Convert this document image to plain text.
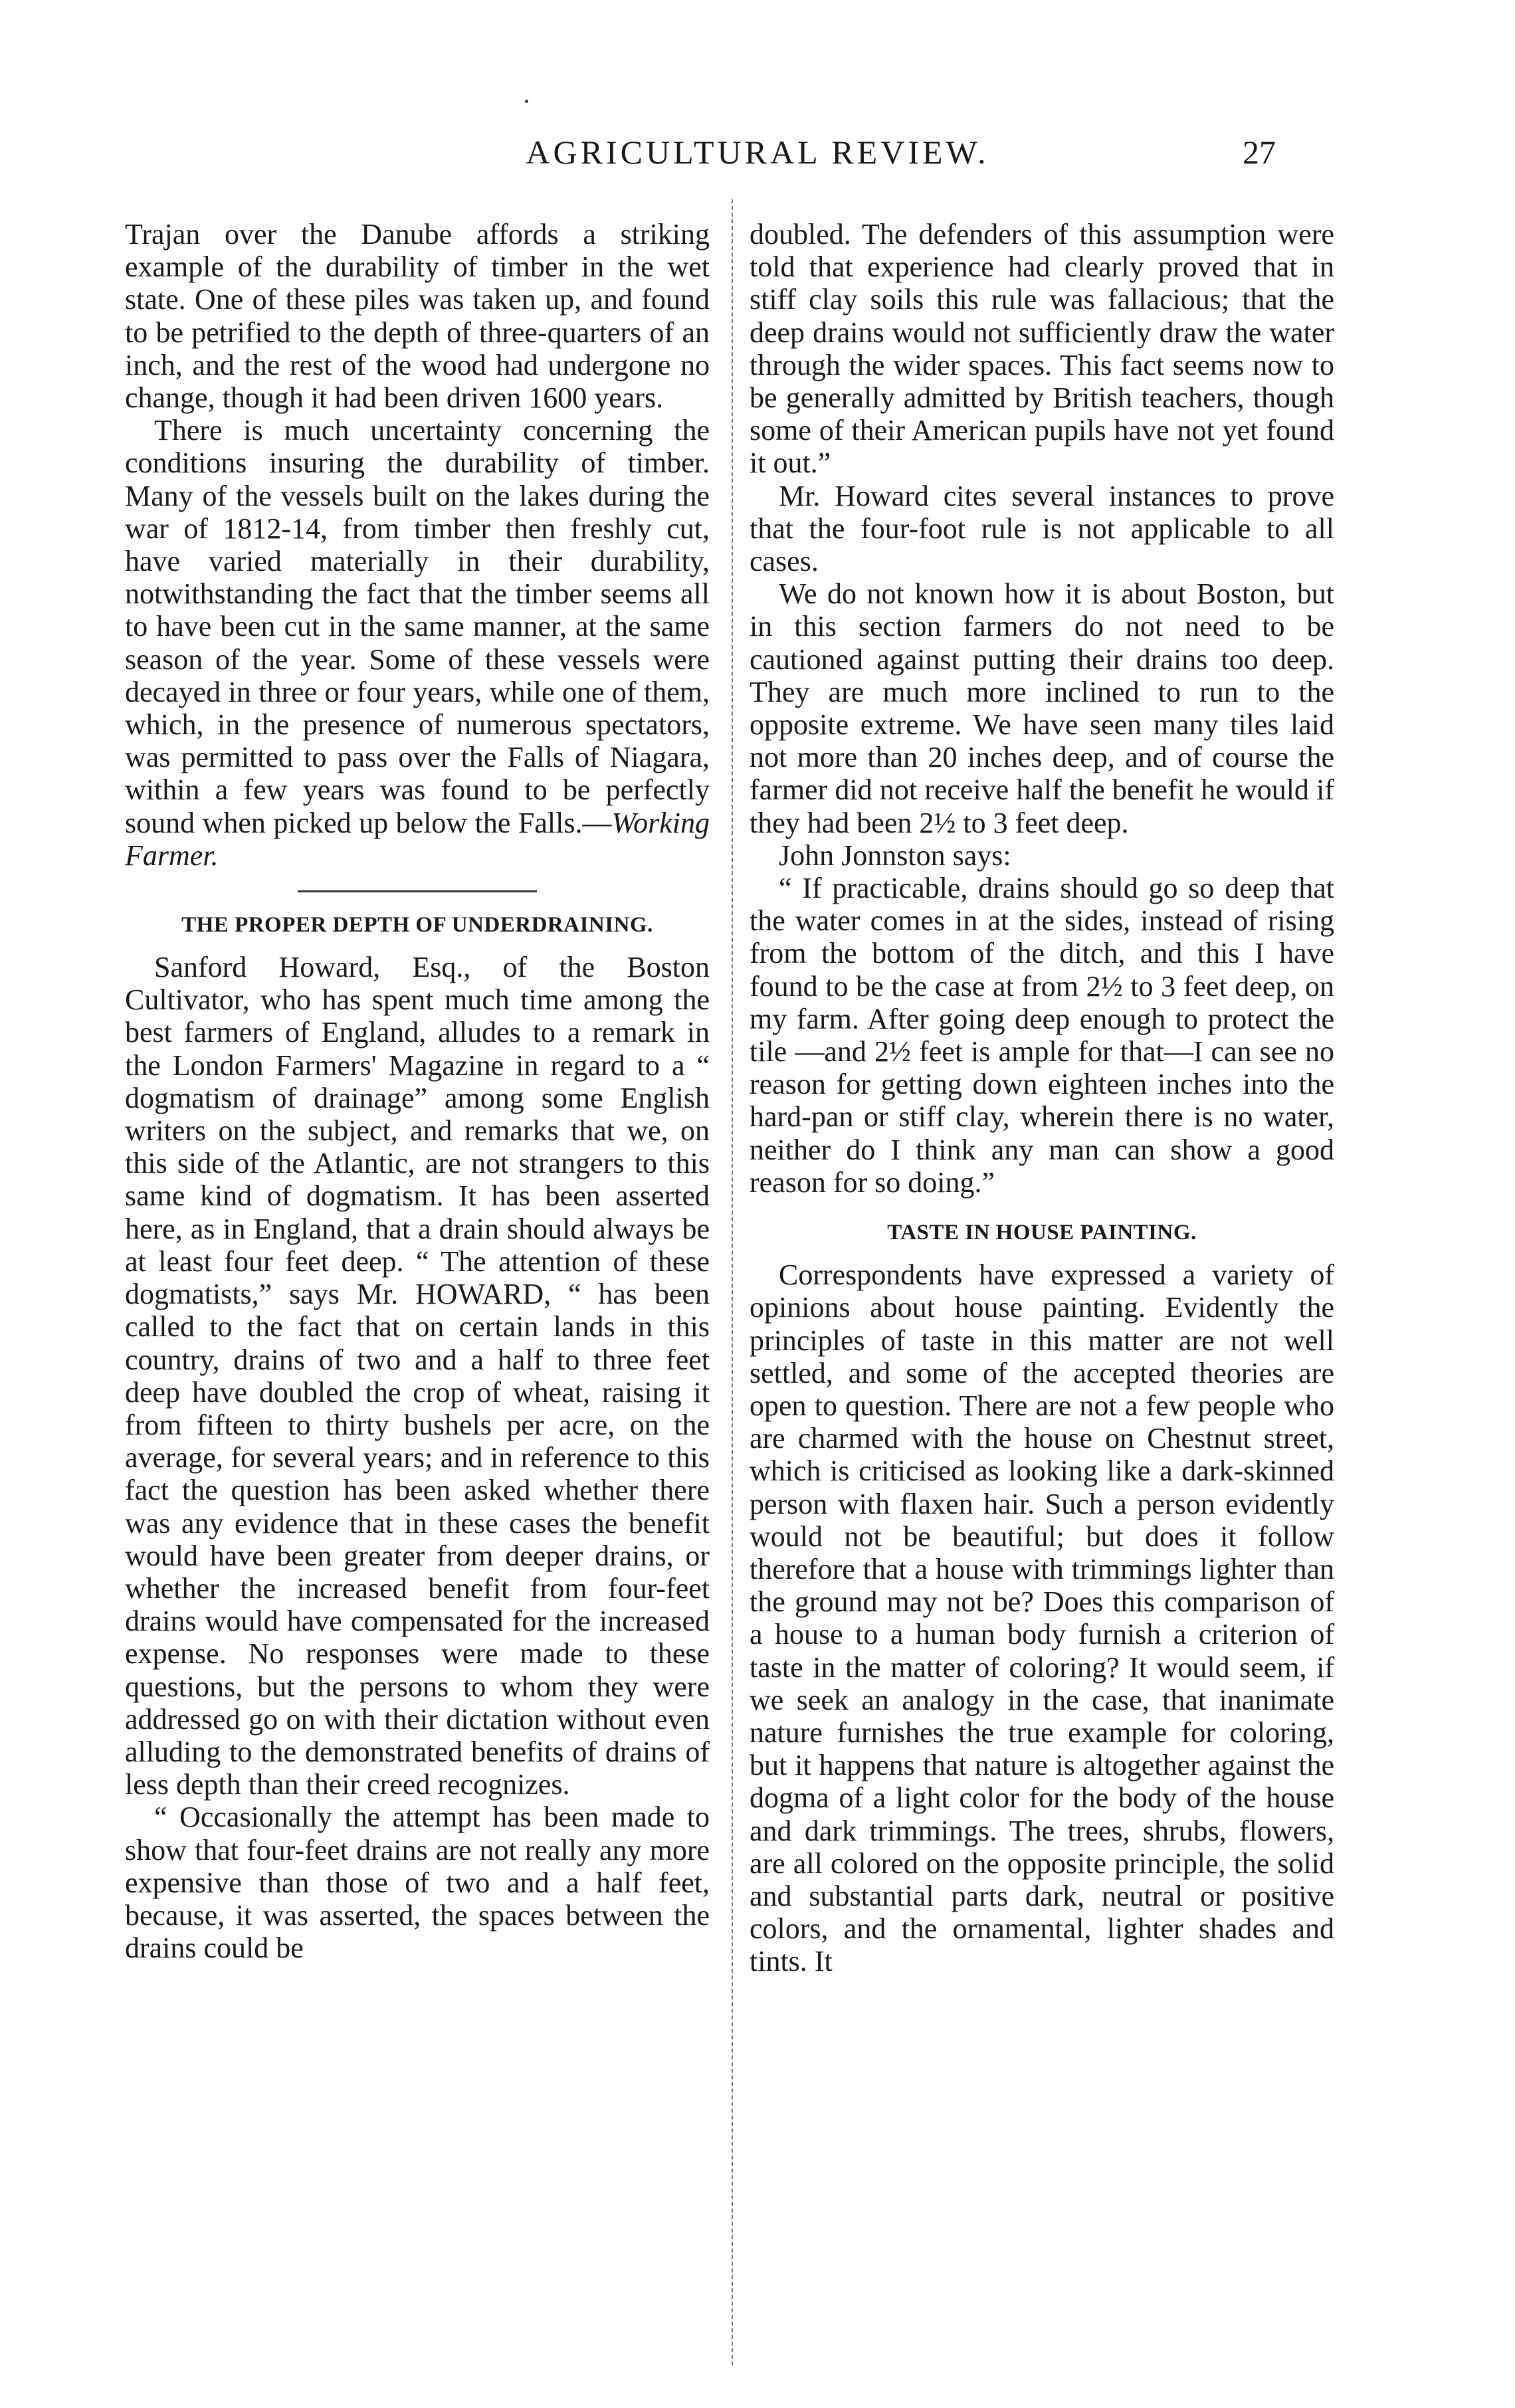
AGRICULTURAL REVIEW.	27

Trajan over the Danube affords a striking example of the durability of timber in the wet state. One of these piles was taken up, and found to be petrified to the depth of three-quarters of an inch, and the rest of the wood had undergone no change, though it had been driven 1600 years.

There is much uncertainty concerning the conditions insuring the durability of timber. Many of the vessels built on the lakes during the war of 1812-14, from timber then freshly cut, have varied materially in their durability, notwithstanding the fact that the timber seems all to have been cut in the same manner, at the same season of the year. Some of these vessels were decayed in three or four years, while one of them, which, in the presence of numerous spectators, was permitted to pass over the Falls of Niagara, within a few years was found to be perfectly sound when picked up below the Falls.—Working Farmer.

THE PROPER DEPTH OF UNDERDRAINING.

Sanford Howard, Esq., of the Boston Cultivator, who has spent much time among the best farmers of England, alludes to a remark in the London Farmers' Magazine in regard to a “ dogmatism of drainage” among some English writers on the subject, and remarks that we, on this side of the Atlantic, are not strangers to this same kind of dogmatism. It has been asserted here, as in England, that a drain should always be at least four feet deep. “ The attention of these dogmatists,” says Mr. HOWARD, “ has been called to the fact that on certain lands in this country, drains of two and a half to three feet deep have doubled the crop of wheat, raising it from fifteen to thirty bushels per acre, on the average, for several years; and in reference to this fact the question has been asked whether there was any evidence that in these cases the benefit would have been greater from deeper drains, or whether the increased benefit from four-feet drains would have compensated for the increased expense. No responses were made to these questions, but the persons to whom they were addressed go on with their dictation without even alluding to the demonstrated benefits of drains of less depth than their creed recognizes.

“ Occasionally the attempt has been made to show that four-feet drains are not really any more expensive than those of two and a half feet, because, it was asserted, the spaces between the drains could be

doubled. The defenders of this assumption were told that experience had clearly proved that in stiff clay soils this rule was fallacious; that the deep drains would not sufficiently draw the water through the wider spaces. This fact seems now to be generally admitted by British teachers, though some of their American pupils have not yet found it out.”

Mr. Howard cites several instances to prove that the four-foot rule is not applicable to all cases.

We do not known how it is about Boston, but in this section farmers do not need to be cautioned against putting their drains too deep. They are much more inclined to run to the opposite extreme. We have seen many tiles laid not more than 20 inches deep, and of course the farmer did not receive half the benefit he would if they had been 2½ to 3 feet deep.

John Jonnston says:

“ If practicable, drains should go so deep that the water comes in at the sides, instead of rising from the bottom of the ditch, and this I have found to be the case at from 2½ to 3 feet deep, on my farm. After going deep enough to protect the tile —and 2½ feet is ample for that—I can see no reason for getting down eighteen inches into the hard-pan or stiff clay, wherein there is no water, neither do I think any man can show a good reason for so doing.”

TASTE IN HOUSE PAINTING.

Correspondents have expressed a variety of opinions about house painting. Evidently the principles of taste in this matter are not well settled, and some of the accepted theories are open to question. There are not a few people who are charmed with the house on Chestnut street, which is criticised as looking like a dark-skinned person with flaxen hair. Such a person evidently would not be beautiful; but does it follow therefore that a house with trimmings lighter than the ground may not be? Does this comparison of a house to a human body furnish a criterion of taste in the matter of coloring? It would seem, if we seek an analogy in the case, that inanimate nature furnishes the true example for coloring, but it happens that nature is altogether against the dogma of a light color for the body of the house and dark trimmings. The trees, shrubs, flowers, are all colored on the opposite principle, the solid and substantial parts dark, neutral or positive colors, and the ornamental, lighter shades and tints. It
